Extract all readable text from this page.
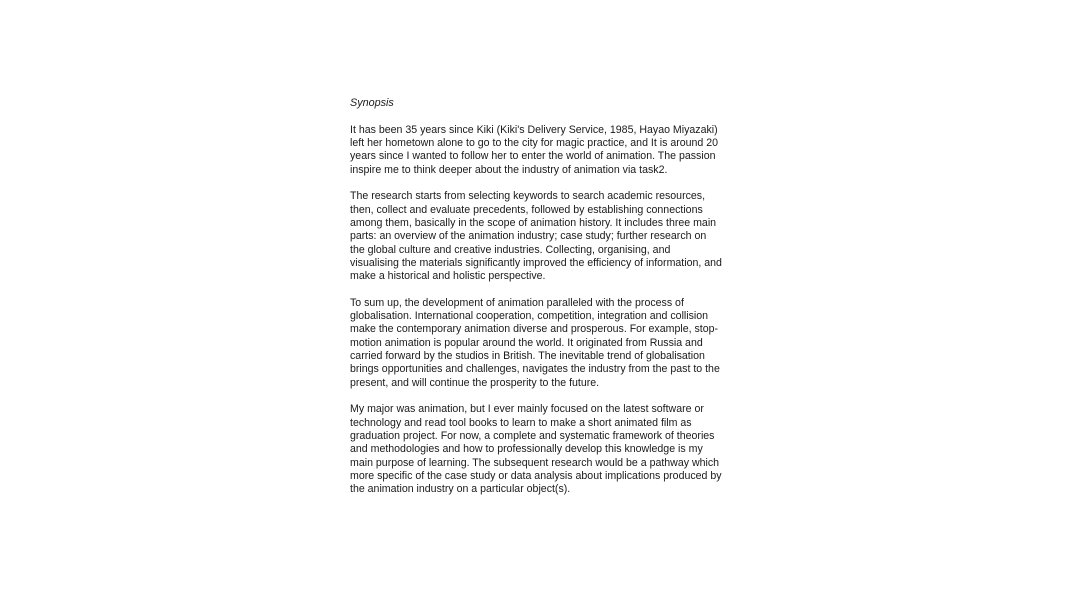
Synopsis

It has been 35 years since Kiki (Kiki's Delivery Service, 1985, Hayao Miyazaki) left her hometown alone to go to the city for magic practice, and It is around 20 years since I wanted to follow her to enter the world of animation. The passion inspire me to think deeper about the industry of animation via task2.

The research starts from selecting keywords to search academic resources, then, collect and evaluate precedents, followed by establishing connections among them, basically in the scope of animation history. It includes three main parts: an overview of the animation industry; case study; further research on the global culture and creative industries. Collecting, organising, and visualising the materials significantly improved the efficiency of information, and make a historical and holistic perspective.

To sum up, the development of animation paralleled with the process of globalisation. International cooperation, competition, integration and collision make the contemporary animation diverse and prosperous. For example, stop-motion animation is popular around the world. It originated from Russia and carried forward by the studios in British. The inevitable trend of globalisation brings opportunities and challenges, navigates the industry from the past to the present, and will continue the prosperity to the future.

My major was animation, but I ever mainly focused on the latest software or technology and read tool books to learn to make a short animated film as graduation project. For now, a complete and systematic framework of theories and methodologies and how to professionally develop this knowledge is my main purpose of learning. The subsequent research would be a pathway which more specific of the case study or data analysis about implications produced by the animation industry on a particular object(s).
